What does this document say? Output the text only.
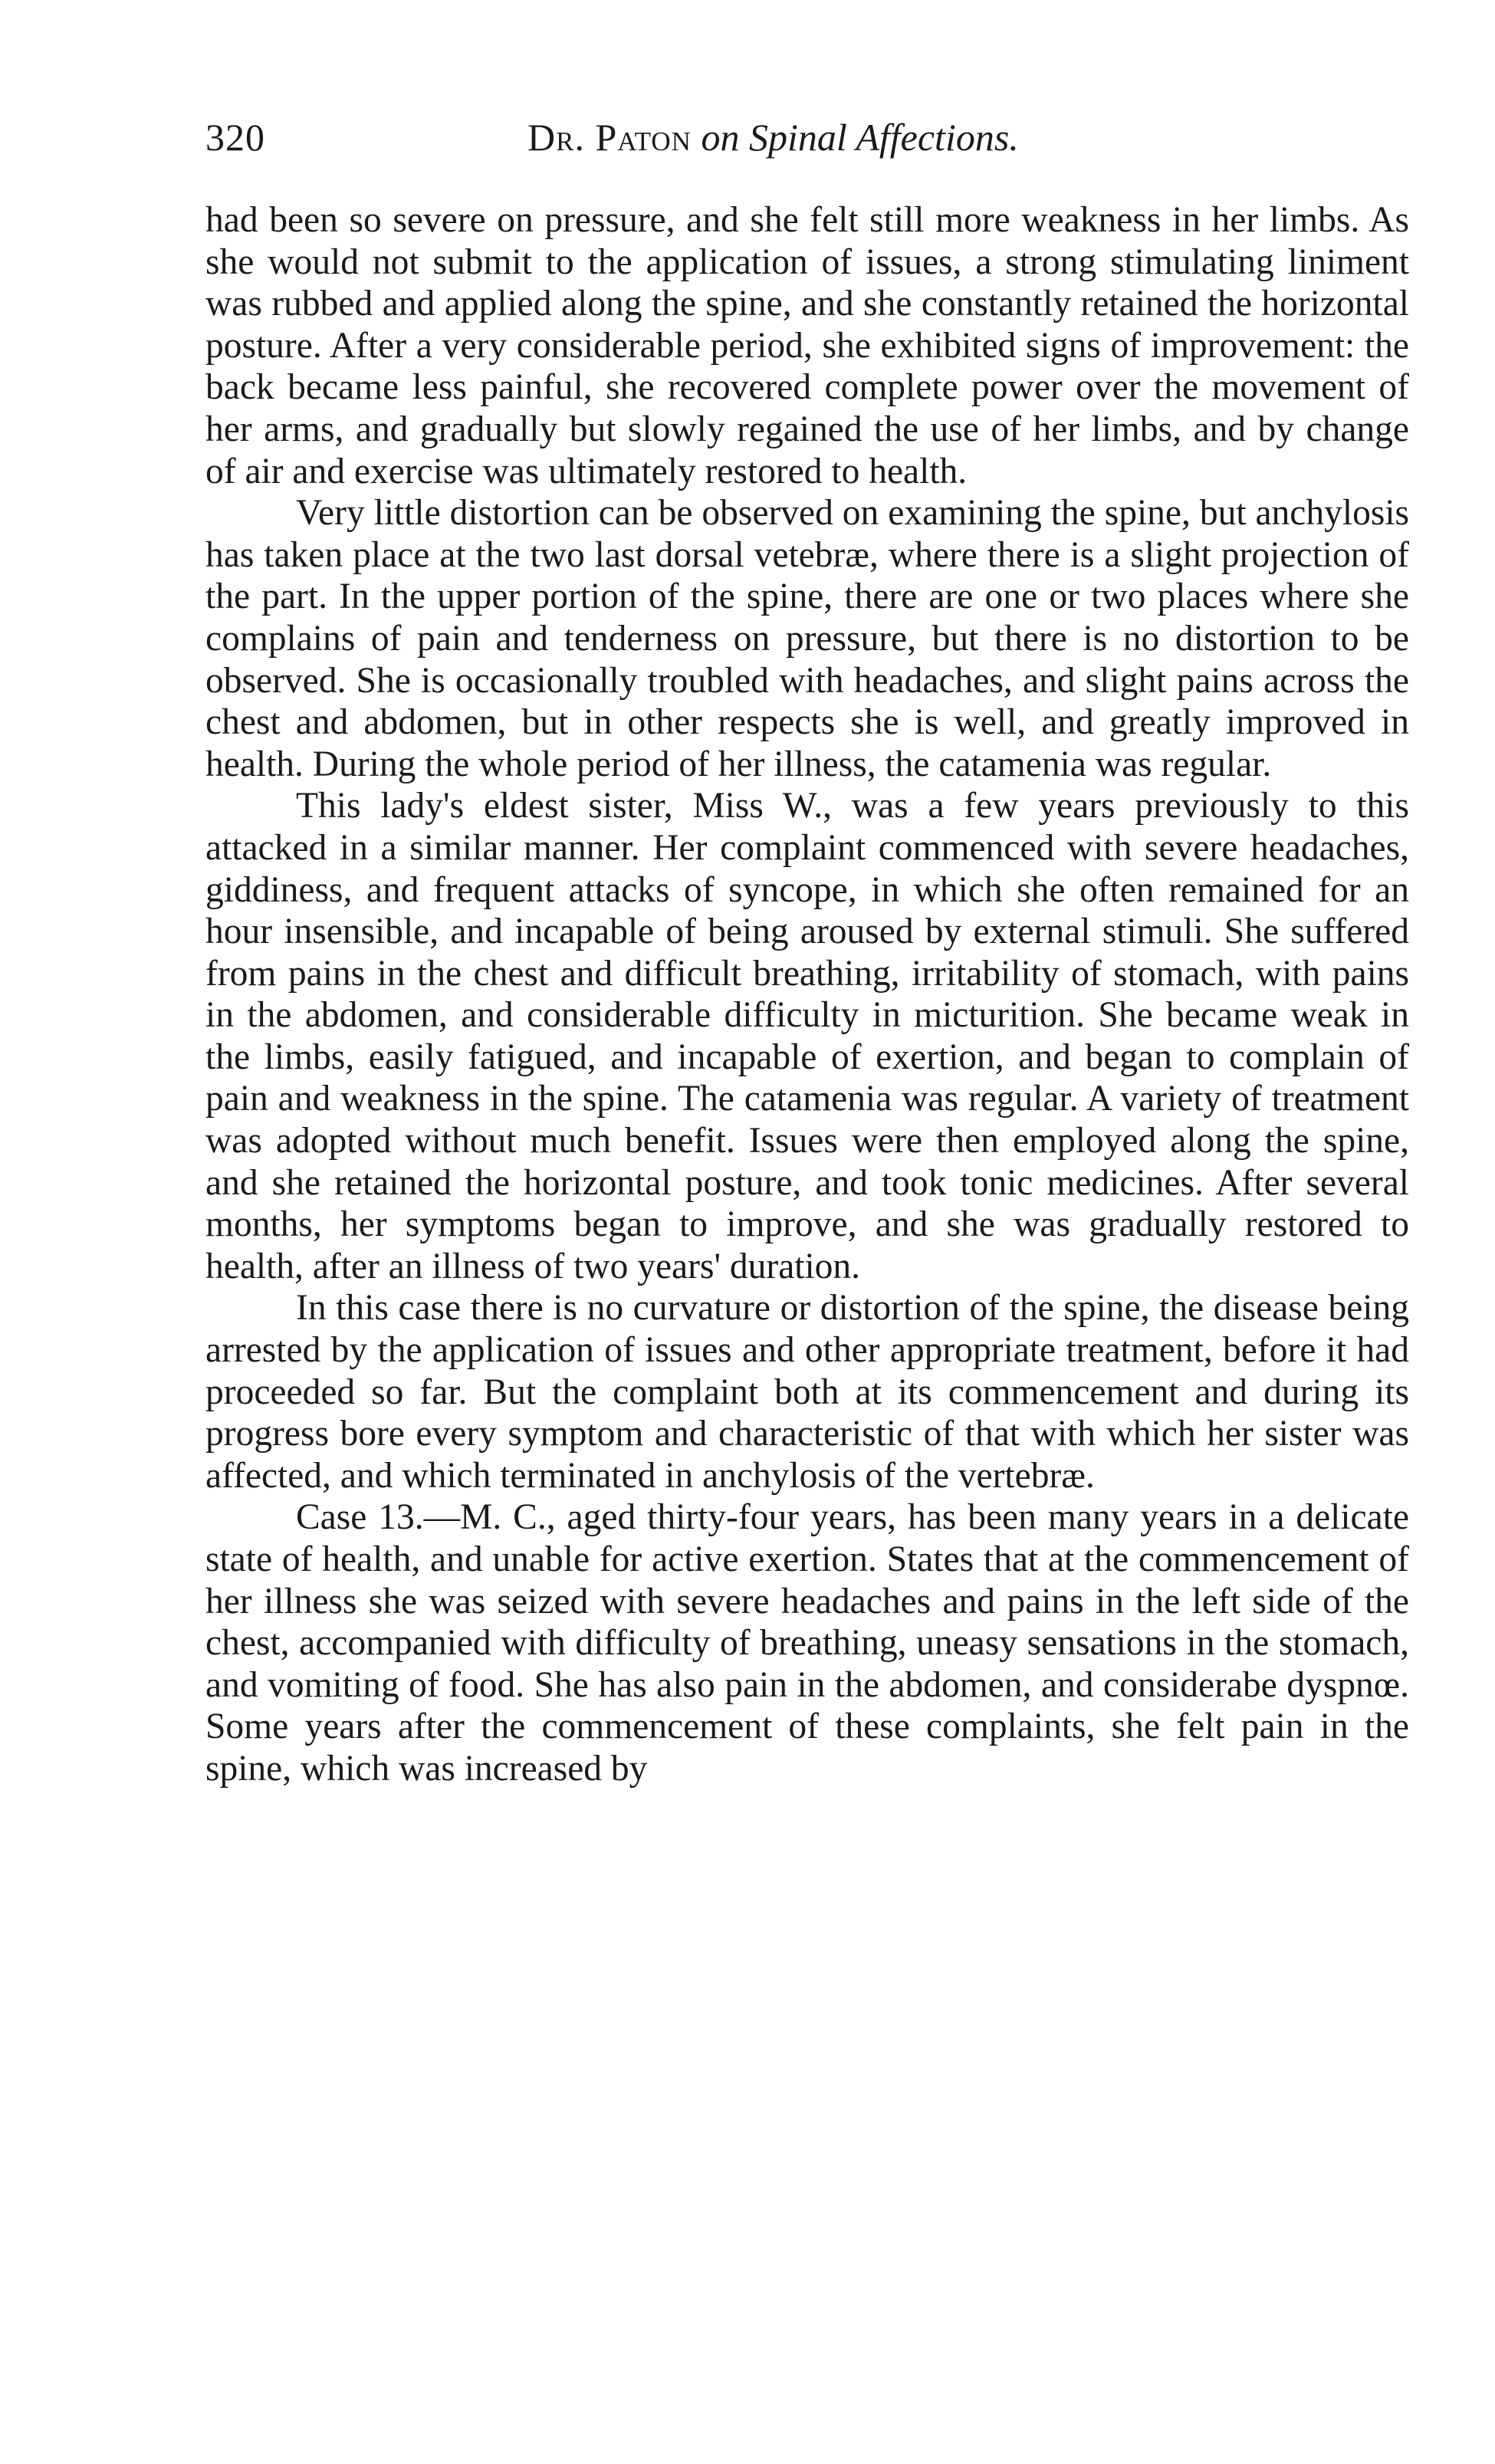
320	Dr. Paton on Spinal Affections.

had been so severe on pressure, and she felt still more weakness in her limbs. As she would not submit to the application of issues, a strong stimulating liniment was rubbed and applied along the spine, and she constantly retained the horizontal posture. After a very considerable period, she exhibited signs of improvement: the back became less painful, she recovered complete power over the movement of her arms, and gradually but slowly regained the use of her limbs, and by change of air and exercise was ultimately restored to health.

Very little distortion can be observed on examining the spine, but anchylosis has taken place at the two last dorsal vetebræ, where there is a slight projection of the part. In the upper portion of the spine, there are one or two places where she complains of pain and tenderness on pressure, but there is no distortion to be observed. She is occasionally troubled with headaches, and slight pains across the chest and abdomen, but in other respects she is well, and greatly improved in health. During the whole period of her illness, the catamenia was regular.

This lady's eldest sister, Miss W., was a few years previously to this attacked in a similar manner. Her complaint commenced with severe headaches, giddiness, and frequent attacks of syncope, in which she often remained for an hour insensible, and incapable of being aroused by external stimuli. She suffered from pains in the chest and difficult breathing, irritability of stomach, with pains in the abdomen, and considerable difficulty in micturition. She became weak in the limbs, easily fatigued, and incapable of exertion, and began to complain of pain and weakness in the spine. The catamenia was regular. A variety of treatment was adopted without much benefit. Issues were then employed along the spine, and she retained the horizontal posture, and took tonic medicines. After several months, her symptoms began to improve, and she was gradually restored to health, after an illness of two years' duration.

In this case there is no curvature or distortion of the spine, the disease being arrested by the application of issues and other appropriate treatment, before it had proceeded so far. But the complaint both at its commencement and during its progress bore every symptom and characteristic of that with which her sister was affected, and which terminated in anchylosis of the vertebræ.

Case 13.—M. C., aged thirty-four years, has been many years in a delicate state of health, and unable for active exertion. States that at the commencement of her illness she was seized with severe headaches and pains in the left side of the chest, accompanied with difficulty of breathing, uneasy sensations in the stomach, and vomiting of food. She has also pain in the abdomen, and considerabe dyspnœ. Some years after the commencement of these complaints, she felt pain in the spine, which was increased by
